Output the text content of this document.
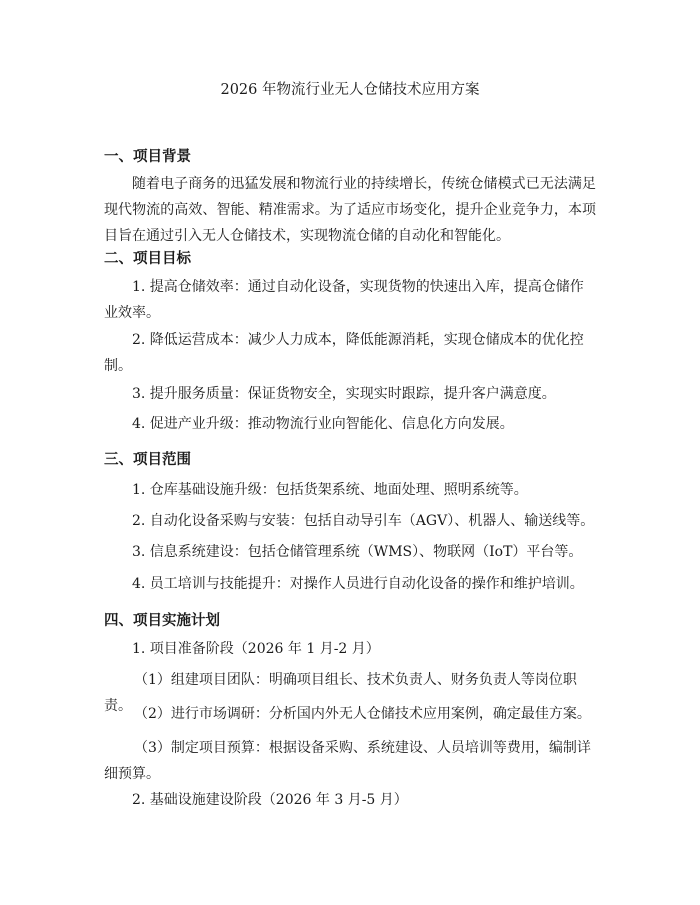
2026 年物流行业无人仓储技术应用方案
一、项目背景
随着电子商务的迅猛发展和物流行业的持续增长，传统仓储模式已无法满足现代物流的高效、智能、精准需求。为了适应市场变化，提升企业竞争力，本项目旨在通过引入无人仓储技术，实现物流仓储的自动化和智能化。
二、项目目标
1. 提高仓储效率：通过自动化设备，实现货物的快速出入库，提高仓储作业效率。
2. 降低运营成本：减少人力成本，降低能源消耗，实现仓储成本的优化控制。
3. 提升服务质量：保证货物安全，实现实时跟踪，提升客户满意度。
4. 促进产业升级：推动物流行业向智能化、信息化方向发展。
三、项目范围
1. 仓库基础设施升级：包括货架系统、地面处理、照明系统等。
2. 自动化设备采购与安装：包括自动导引车（AGV）、机器人、输送线等。
3. 信息系统建设：包括仓储管理系统（WMS）、物联网（IoT）平台等。
4. 员工培训与技能提升：对操作人员进行自动化设备的操作和维护培训。
四、项目实施计划
1. 项目准备阶段（2026 年 1 月-2 月）
（1）组建项目团队：明确项目组长、技术负责人、财务负责人等岗位职责。 （2）进行市场调研：分析国内外无人仓储技术应用案例，确定最佳方案。
（3）制定项目预算：根据设备采购、系统建设、人员培训等费用，编制详细预算。
2. 基础设施建设阶段（2026 年 3 月-5 月）
